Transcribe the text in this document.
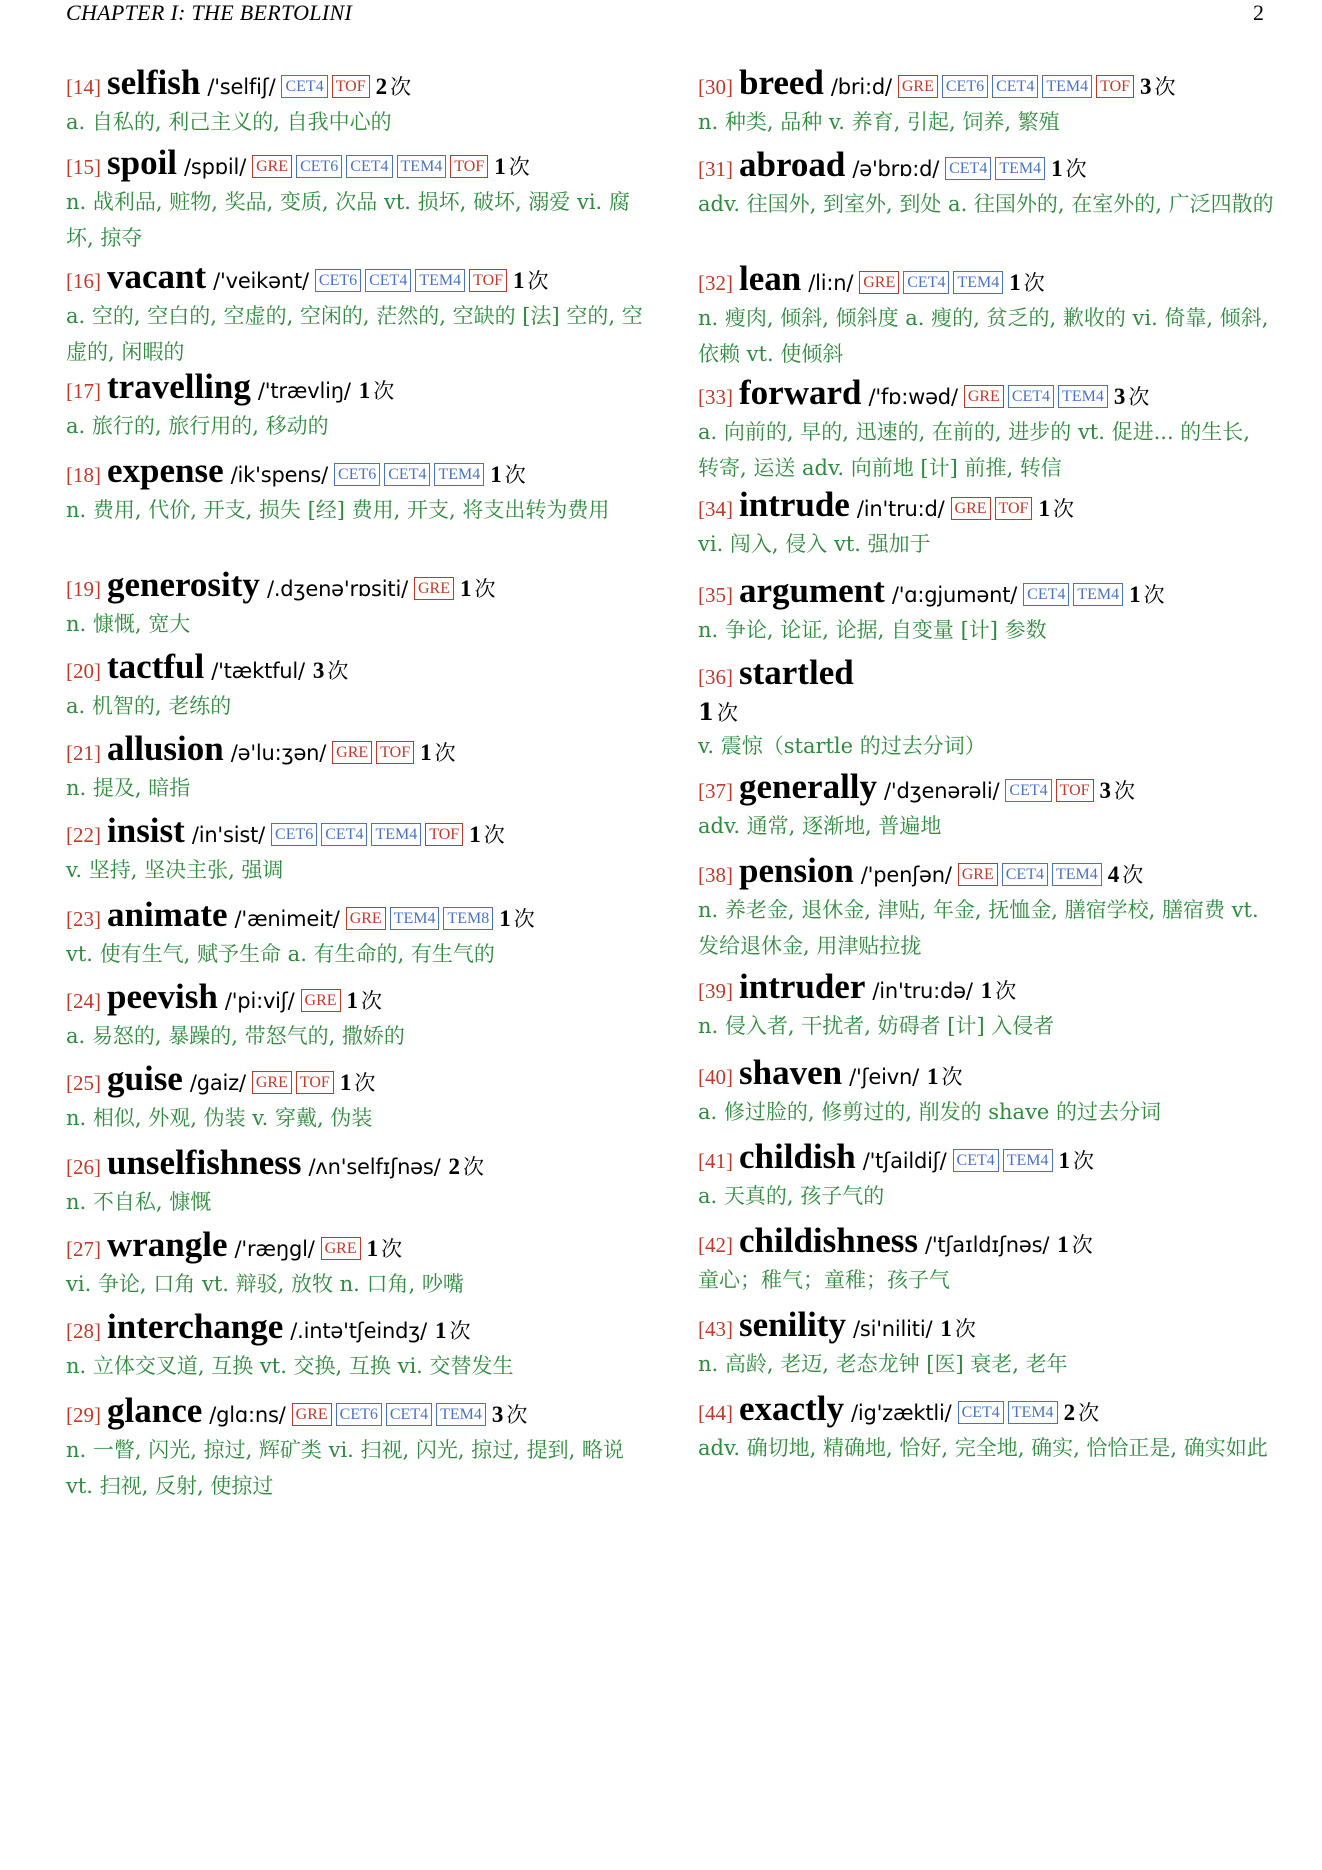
CHAPTER I: THE BERTOLINI	2
[14] selfish /'selfiʃ/ CET4 TOF 2 次
a. 自私的, 利己主义的, 自我中心的
[15] spoil /spɒil/ GRE CET6 CET4 TEM4 TOF 1 次
n. 战利品, 赃物, 奖品, 变质, 次品 vt. 损坏, 破坏, 溺爱 vi. 腐坏, 掠夺
[16] vacant /'veikənt/ CET6 CET4 TEM4 TOF 1 次
a. 空的, 空白的, 空虚的, 空闲的, 茫然的, 空缺的 [法] 空的, 空虚的, 闲暇的
[17] travelling /'trævliŋ/ 1 次
a. 旅行的, 旅行用的, 移动的
[18] expense /ik'spens/ CET6 CET4 TEM4 1 次
n. 费用, 代价, 开支, 损失 [经] 费用, 开支, 将支出转为费用
[19] generosity /.dʒenə'rɒsiti/ GRE 1 次
n. 慷慨, 宽大
[20] tactful /'tæktful/ 3 次
a. 机智的, 老练的
[21] allusion /ə'lu:ʒən/ GRE TOF 1 次
n. 提及, 暗指
[22] insist /in'sist/ CET6 CET4 TEM4 TOF 1 次
v. 坚持, 坚决主张, 强调
[23] animate /'ænimeit/ GRE TEM4 TEM8 1 次
vt. 使有生气, 赋予生命 a. 有生命的, 有生气的
[24] peevish /'pi:viʃ/ GRE 1 次
a. 易怒的, 暴躁的, 带怒气的, 撒娇的
[25] guise /gaiz/ GRE TOF 1 次
n. 相似, 外观, 伪装 v. 穿戴, 伪装
[26] unselfishness /ʌn'selfɪʃnəs/ 2 次
n. 不自私, 慷慨
[27] wrangle /'ræŋgl/ GRE 1 次
vi. 争论, 口角 vt. 辩驳, 放牧 n. 口角, 吵嘴
[28] interchange /.intə'tʃeindʒ/ 1 次
n. 立体交叉道, 互换 vt. 交换, 互换 vi. 交替发生
[29] glance /glɑ:ns/ GRE CET6 CET4 TEM4 3 次
n. 一瞥, 闪光, 掠过, 辉矿类 vi. 扫视, 闪光, 掠过, 提到, 略说 vt. 扫视, 反射, 使掠过
[30] breed /bri:d/ GRE CET6 CET4 TEM4 TOF 3 次
n. 种类, 品种 v. 养育, 引起, 饲养, 繁殖
[31] abroad /ə'brɒ:d/ CET4 TEM4 1 次
adv. 往国外, 到室外, 到处 a. 往国外的, 在室外的, 广泛四散的
[32] lean /li:n/ GRE CET4 TEM4 1 次
n. 瘦肉, 倾斜, 倾斜度 a. 瘦的, 贫乏的, 歉收的 vi. 倚靠, 倾斜, 依赖 vt. 使倾斜
[33] forward /'fɒ:wəd/ GRE CET4 TEM4 3 次
a. 向前的, 早的, 迅速的, 在前的, 进步的 vt. 促进... 的生长, 转寄, 运送 adv. 向前地 [计] 前推, 转信
[34] intrude /in'tru:d/ GRE TOF 1 次
vi. 闯入, 侵入 vt. 强加于
[35] argument /'ɑ:gjumənt/ CET4 TEM4 1 次
n. 争论, 论证, 论据, 自变量 [计] 参数
[36] startled
1 次
v. 震惊（startle 的过去分词）
[37] generally /'dʒenərəli/ CET4 TOF 3 次
adv. 通常, 逐渐地, 普遍地
[38] pension /'penʃən/ GRE CET4 TEM4 4 次
n. 养老金, 退休金, 津贴, 年金, 抚恤金, 膳宿学校, 膳宿费 vt. 发给退休金, 用津贴拉拢
[39] intruder /in'tru:də/ 1 次
n. 侵入者, 干扰者, 妨碍者 [计] 入侵者
[40] shaven /'ʃeivn/ 1 次
a. 修过脸的, 修剪过的, 削发的 shave 的过去分词
[41] childish /'tʃaildiʃ/ CET4 TEM4 1 次
a. 天真的, 孩子气的
[42] childishness /'tʃaɪldɪʃnəs/ 1 次
童心；稚气；童稚；孩子气
[43] senility /si'niliti/ 1 次
n. 高龄, 老迈, 老态龙钟 [医] 衰老, 老年
[44] exactly /ig'zæktli/ CET4 TEM4 2 次
adv. 确切地, 精确地, 恰好, 完全地, 确实, 恰恰正是, 确实如此
